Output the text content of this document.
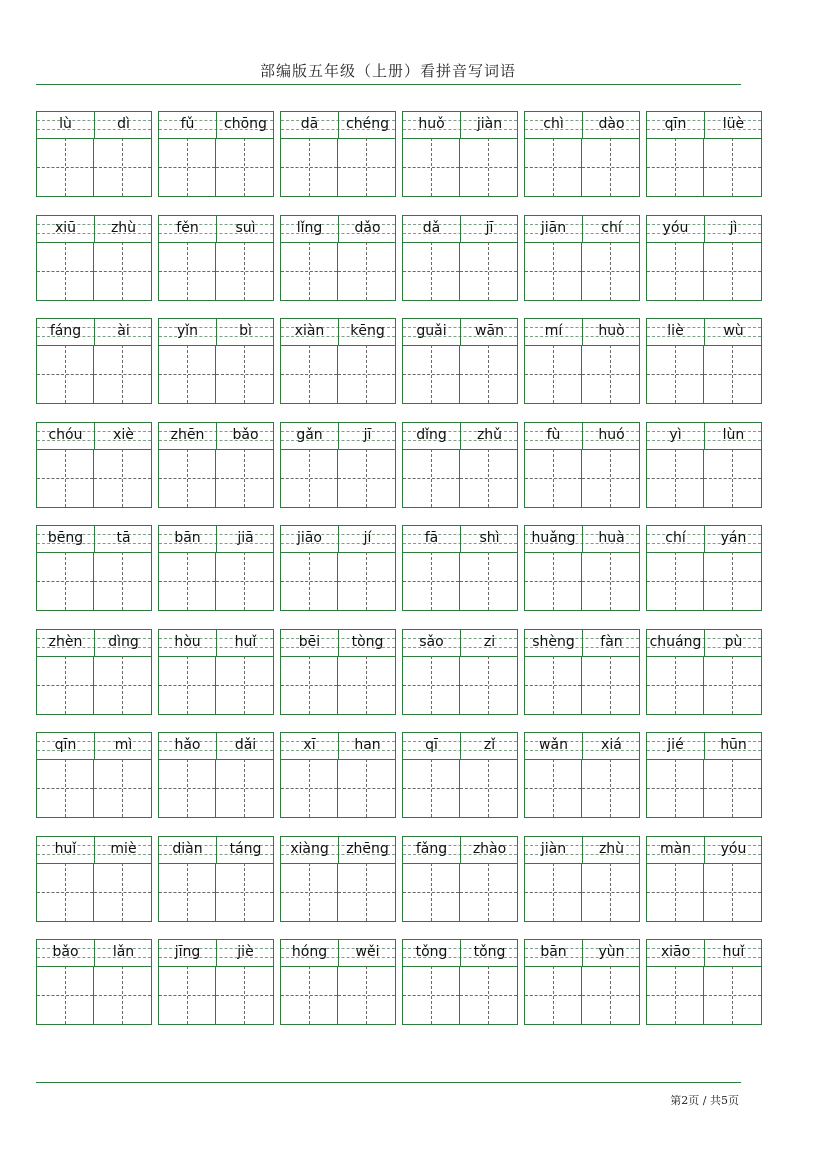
部编版五年级（上册）看拼音写词语
lù	dì	fǔ	chōng	dā	chéng	huǒ	jiàn	chì	dào	qīn	lüè
xiū	zhù	fěn	suì	lǐng	dǎo	dǎ	jī	jiān	chí	yóu	jì
fáng	ài	yǐn	bì	xiàn	kēng	guǎi	wān	mí	huò	liè	wù
chóu	xiè	zhēn	bǎo	gǎn	jī	dǐng	zhǔ	fù	huó	yì	lùn
bēng	tā	bān	jiā	jiāo	jí	fā	shì	huǎng	huà	chí	yán
zhèn	dìng	hòu	huǐ	bēi	tòng	sǎo	zi	shèng	fàn	chuáng	pù
qīn	mì	hǎo	dǎi	xī	han	qī	zǐ	wǎn	xiá	jié	hūn
huǐ	miè	diàn	táng	xiàng	zhēng	fǎng	zhào	jiàn	zhù	màn	yóu
bǎo	lǎn	jīng	jiè	hóng	wěi	tǒng	tǒng	bān	yùn	xiāo	huǐ
第2页 / 共5页
